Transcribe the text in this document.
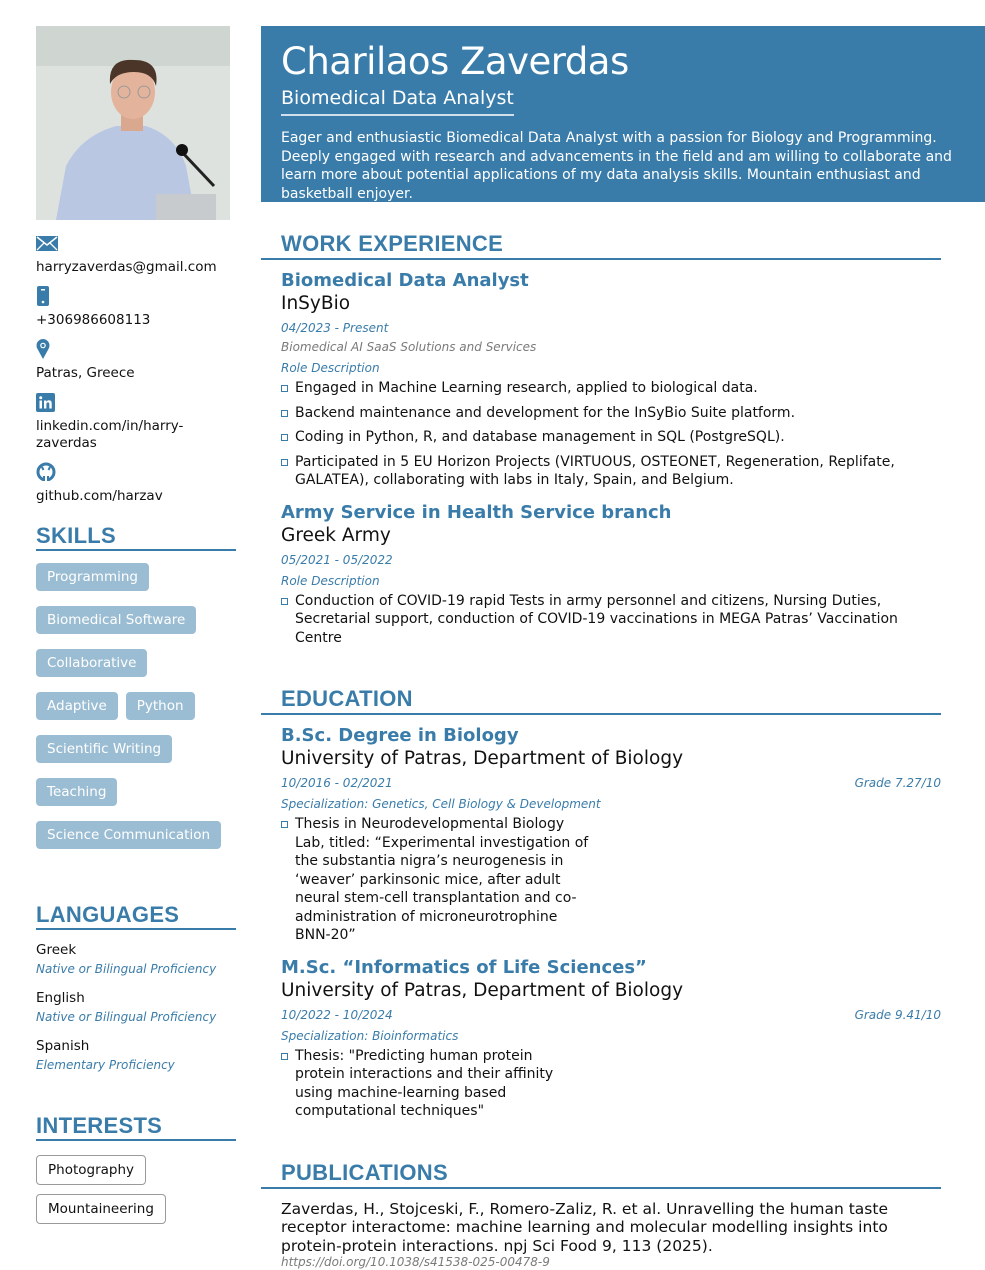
Charilaos Zaverdas
Biomedical Data Analyst
Eager and enthusiastic Biomedical Data Analyst with a passion for Biology and Programming. Deeply engaged with research and advancements in the field and am willing to collaborate and learn more about potential applications of my data analysis skills. Mountain enthusiast and basketball enjoyer.
harryzaverdas@gmail.com
+306986608113
Patras, Greece
linkedin.com/in/harry-zaverdas
github.com/harzav
SKILLS
Programming
Biomedical Software
Collaborative
Adaptive	Python
Scientific Writing
Teaching
Science Communication
LANGUAGES
Greek
Native or Bilingual Proficiency
English
Native or Bilingual Proficiency
Spanish
Elementary Proficiency
INTERESTS
Photography
Mountaineering
WORK EXPERIENCE
Biomedical Data Analyst
InSyBio
04/2023 - Present
Biomedical AI SaaS Solutions and Services
Role Description
Engaged in Machine Learning research, applied to biological data.
Backend maintenance and development for the InSyBio Suite platform.
Coding in Python, R, and database management in SQL (PostgreSQL).
Participated in 5 EU Horizon Projects (VIRTUOUS, OSTEONET, Regeneration, Replifate, GALATEA), collaborating with labs in Italy, Spain, and Belgium.
Army Service in Health Service branch
Greek Army
05/2021 - 05/2022
Role Description
Conduction of COVID-19 rapid Tests in army personnel and citizens, Nursing Duties, Secretarial support, conduction of COVID-19 vaccinations in MEGA Patras’ Vaccination Centre
EDUCATION
B.Sc. Degree in Biology
University of Patras, Department of Biology
10/2016 - 02/2021	Grade 7.27/10
Specialization: Genetics, Cell Biology & Development
Thesis in Neurodevelopmental Biology Lab, titled: “Experimental investigation of the substantia nigra’s neurogenesis in ‘weaver’ parkinsonic mice, after adult neural stem-cell transplantation and co- administration of microneurotrophine BNN-20”
M.Sc. “Informatics of Life Sciences”
University of Patras, Department of Biology
10/2022 - 10/2024	Grade 9.41/10
Specialization: Bioinformatics
Thesis: "Predicting human protein protein interactions and their affinity using machine-learning based computational techniques"
PUBLICATIONS
Zaverdas, H., Stojceski, F., Romero-Zaliz, R. et al. Unravelling the human taste receptor interactome: machine learning and molecular modelling insights into protein-protein interactions. npj Sci Food 9, 113 (2025).
https://doi.org/10.1038/s41538-025-00478-9
